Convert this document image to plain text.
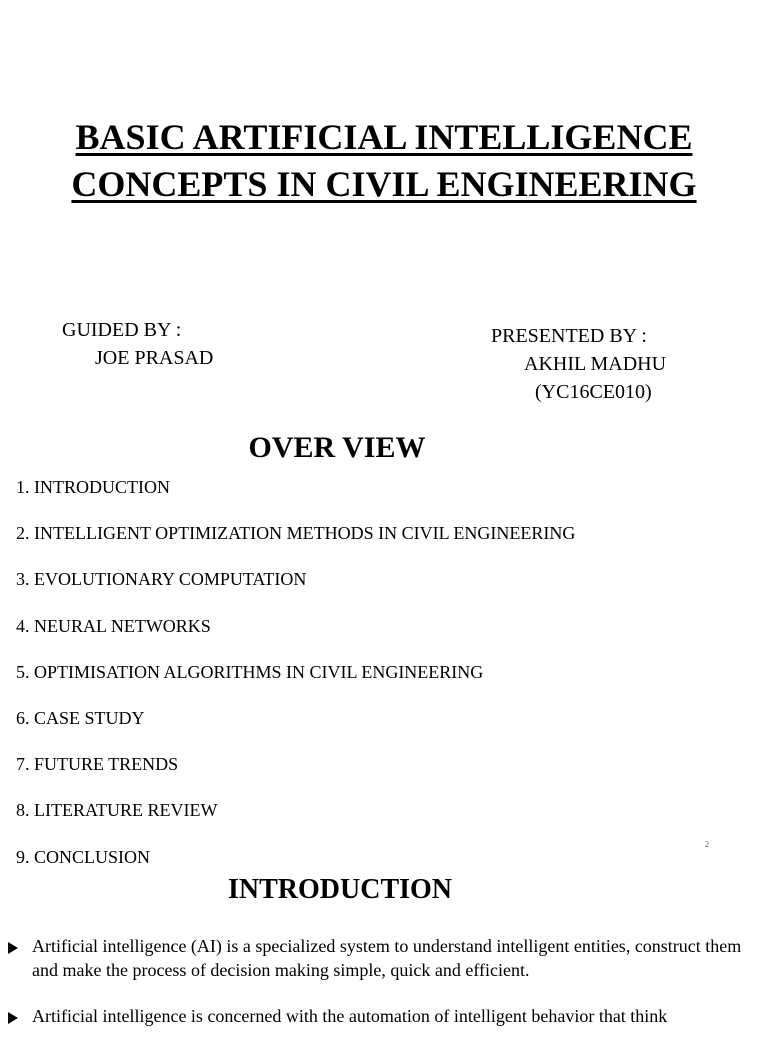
BASIC ARTIFICIAL INTELLIGENCE
CONCEPTS IN CIVIL ENGINEERING
GUIDED BY :
JOE PRASAD
PRESENTED BY :
AKHIL MADHU
(YC16CE010)
OVER VIEW
1. INTRODUCTION
2. INTELLIGENT OPTIMIZATION METHODS IN CIVIL ENGINEERING
3. EVOLUTIONARY COMPUTATION
4. NEURAL NETWORKS
5. OPTIMISATION ALGORITHMS IN CIVIL ENGINEERING
6. CASE STUDY
7. FUTURE TRENDS
8. LITERATURE REVIEW
9. CONCLUSION
2
INTRODUCTION
Artificial intelligence (AI) is a specialized system to understand intelligent entities, construct them and make the process of decision making simple, quick and efficient.
Artificial intelligence is concerned with the automation of intelligent behavior that think
